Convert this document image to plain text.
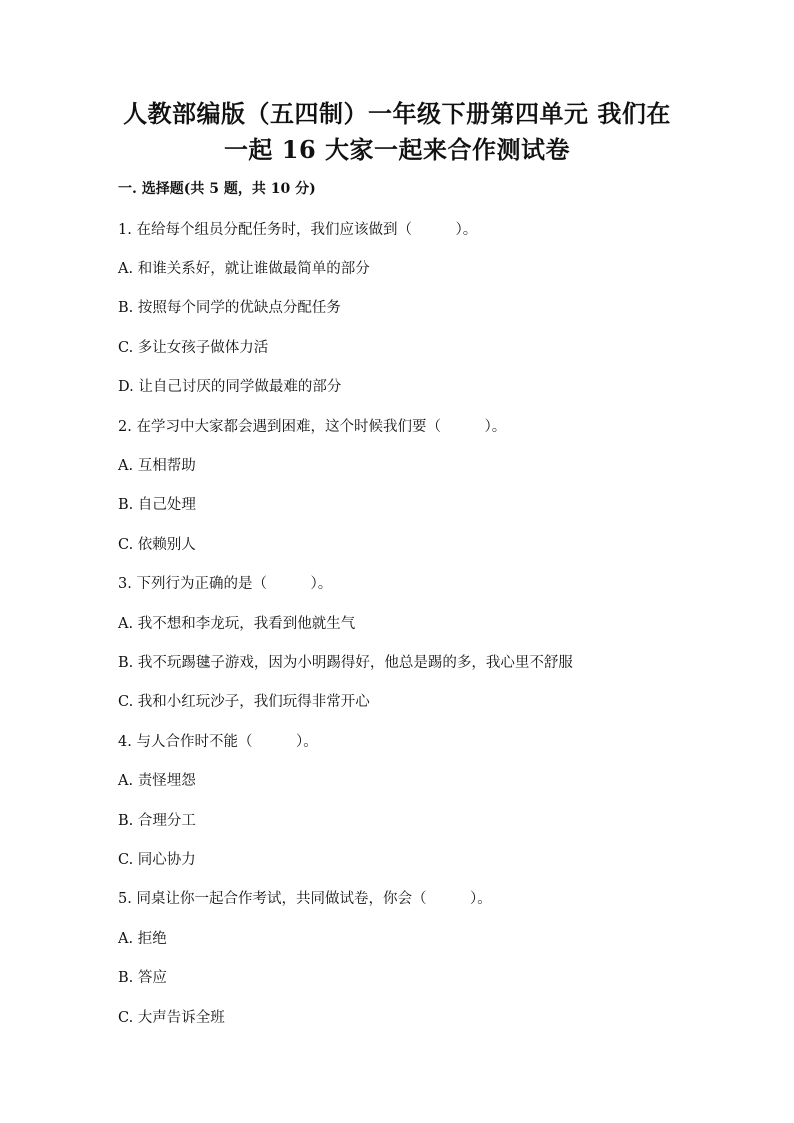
人教部编版（五四制）一年级下册第四单元 我们在
一起 16 大家一起来合作测试卷
一. 选择题(共 5 题，共 10 分)
1. 在给每个组员分配任务时，我们应该做到（　　　）。
A. 和谁关系好，就让谁做最简单的部分
B. 按照每个同学的优缺点分配任务
C. 多让女孩子做体力活
D. 让自己讨厌的同学做最难的部分
2. 在学习中大家都会遇到困难，这个时候我们要（　　　）。
A. 互相帮助
B. 自己处理
C. 依赖别人
3. 下列行为正确的是（　　　）。
A. 我不想和李龙玩，我看到他就生气
B. 我不玩踢毽子游戏，因为小明踢得好，他总是踢的多，我心里不舒服
C. 我和小红玩沙子，我们玩得非常开心
4. 与人合作时不能（　　　）。
A. 责怪埋怨
B. 合理分工
C. 同心协力
5. 同桌让你一起合作考试，共同做试卷，你会（　　　）。
A. 拒绝
B. 答应
C. 大声告诉全班
